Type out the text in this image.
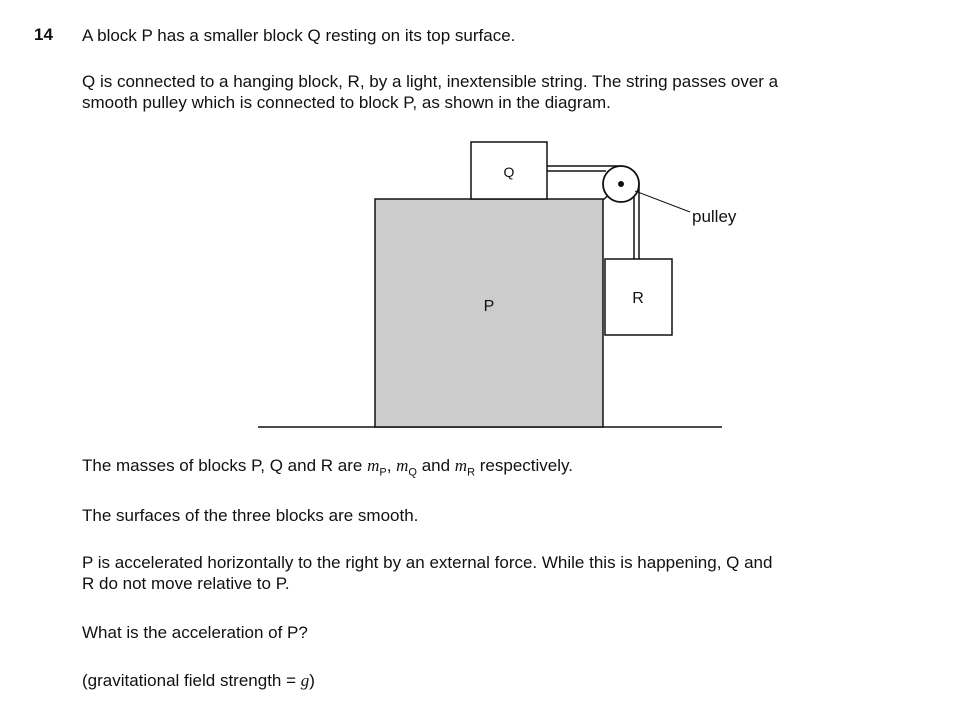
14 A block P has a smaller block Q resting on its top surface.
Q is connected to a hanging block, R, by a light, inextensible string. The string passes over a
smooth pulley which is connected to block P, as shown in the diagram.
P
Q
R
pulley
The masses of blocks P, Q and R are $m_P$, $m_Q$ and $m_R$ respectively.
The surfaces of the three blocks are smooth.
P is accelerated horizontally to the right by an external force. While this is happening, Q and
R do not move relative to P.
What is the acceleration of P?
(gravitational field strength = g)
